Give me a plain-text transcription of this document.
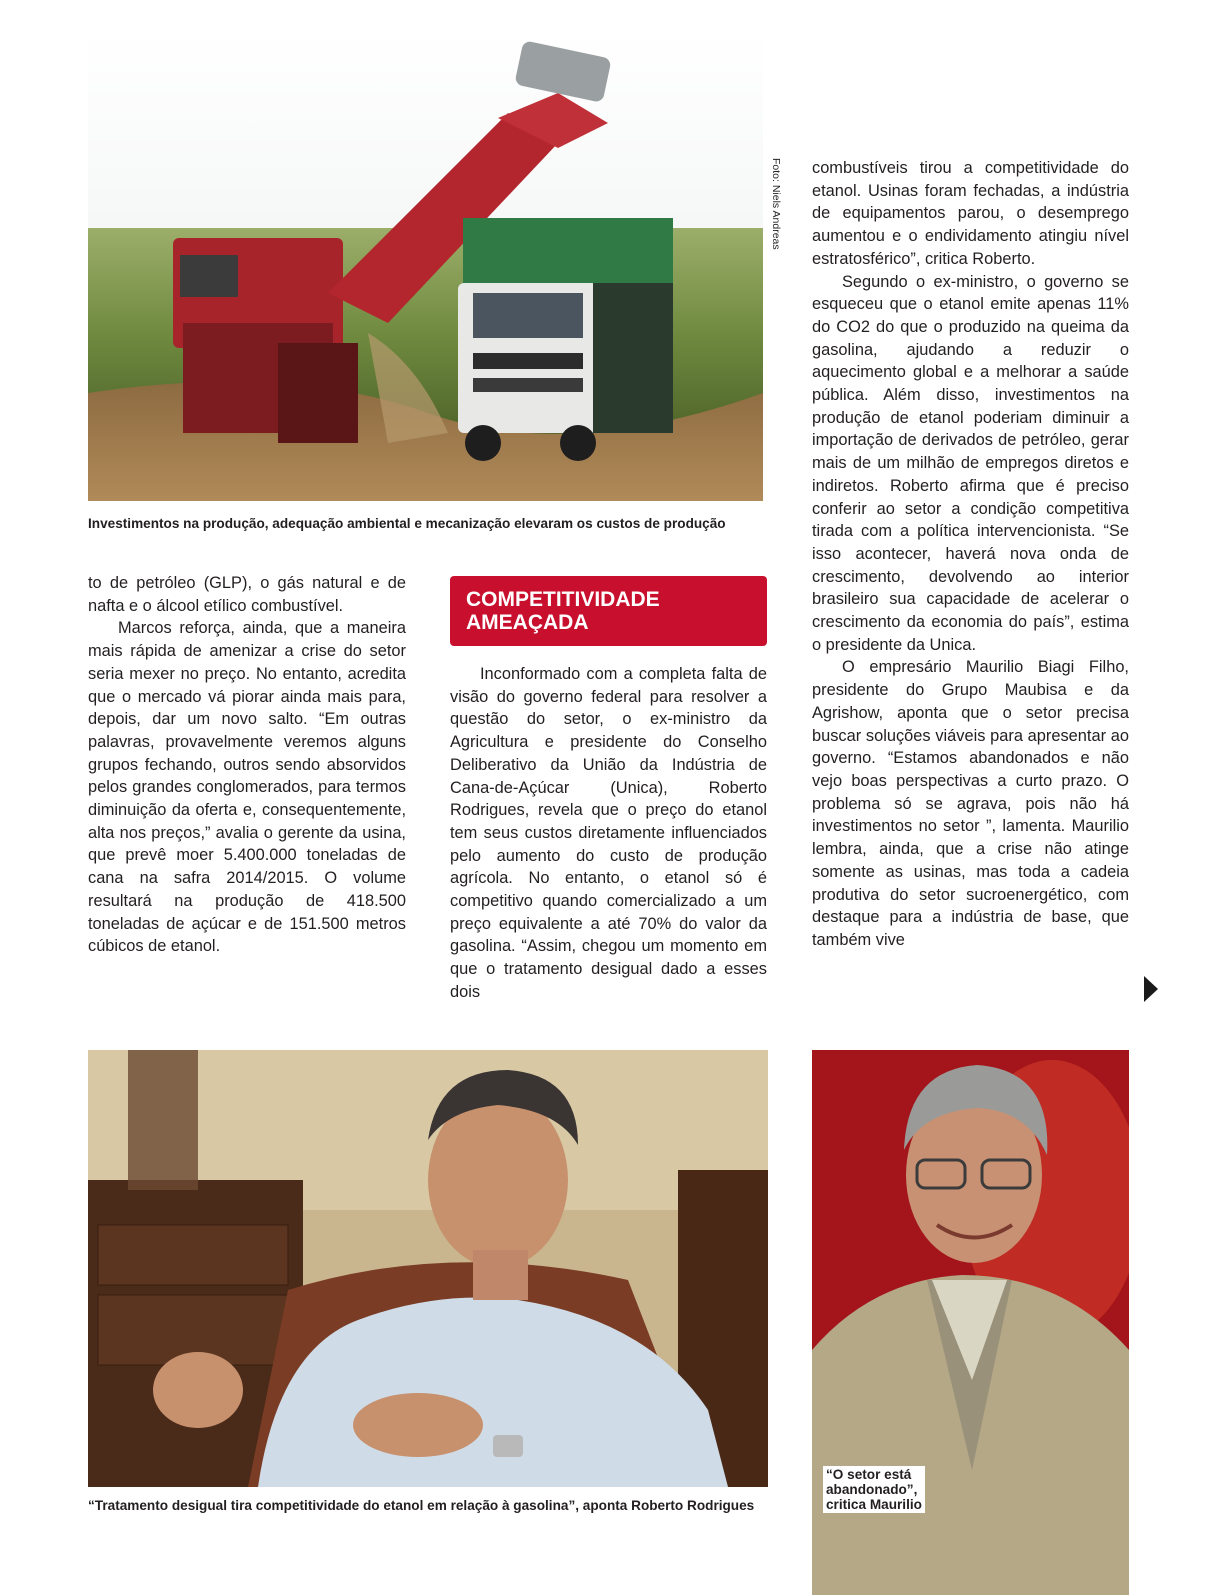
Foto: Niels Andreas
Investimentos na produção, adequação ambiental e mecanização elevaram os custos de produção

to de petróleo (GLP), o gás natural e de nafta e o álcool etílico combustível.

Marcos reforça, ainda, que a maneira mais rápida de amenizar a crise do setor seria mexer no preço. No entanto, acredita que o mercado vá piorar ainda mais para, depois, dar um novo salto. “Em outras palavras, provavelmente veremos alguns grupos fechando, outros sendo absorvidos pelos grandes conglomerados, para termos diminuição da oferta e, consequentemente, alta nos preços,” avalia o gerente da usina, que prevê moer 5.400.000 toneladas de cana na safra 2014/2015. O volume resultará na produção de 418.500 toneladas de açúcar e de 151.500 metros cúbicos de etanol.

COMPETITIVIDADE
AMEAÇADA

Inconformado com a completa falta de visão do governo federal para resolver a questão do setor, o ex-ministro da Agricultura e presidente do Conselho Deliberativo da União da Indústria de Cana-de-Açúcar (Unica), Roberto Rodrigues, revela que o preço do etanol tem seus custos diretamente influenciados pelo aumento do custo de produção agrícola. No entanto, o etanol só é competitivo quando comercializado a um preço equivalente a até 70% do valor da gasolina. “Assim, chegou um momento em que o tratamento desigual dado a esses dois

combustíveis tirou a competitividade do etanol. Usinas foram fechadas, a indústria de equipamentos parou, o desemprego aumentou e o endividamento atingiu nível estratosférico”, critica Roberto.

Segundo o ex-ministro, o governo se esqueceu que o etanol emite apenas 11% do CO2 do que o produzido na queima da gasolina, ajudando a reduzir o aquecimento global e a melhorar a saúde pública. Além disso, investimentos na produção de etanol poderiam diminuir a importação de derivados de petróleo, gerar mais de um milhão de empregos diretos e indiretos. Roberto afirma que é preciso conferir ao setor a condição competitiva tirada com a política intervencionista. “Se isso acontecer, haverá nova onda de crescimento, devolvendo ao interior brasileiro sua capacidade de acelerar o crescimento da economia do país”, estima o presidente da Unica.

O empresário Maurilio Biagi Filho, presidente do Grupo Maubisa e da Agrishow, aponta que o setor precisa buscar soluções viáveis para apresentar ao governo. “Estamos abandonados e não vejo boas perspectivas a curto prazo. O problema só se agrava, pois não há investimentos no setor ”, lamenta. Maurilio lembra, ainda, que a crise não atinge somente as usinas, mas toda a cadeia produtiva do setor sucroenergético, com destaque para a indústria de base, que também vive

“Tratamento desigual tira competitividade do etanol em relação à gasolina”, aponta Roberto Rodrigues
“O setor está
abandonado”,
critica Maurilio
